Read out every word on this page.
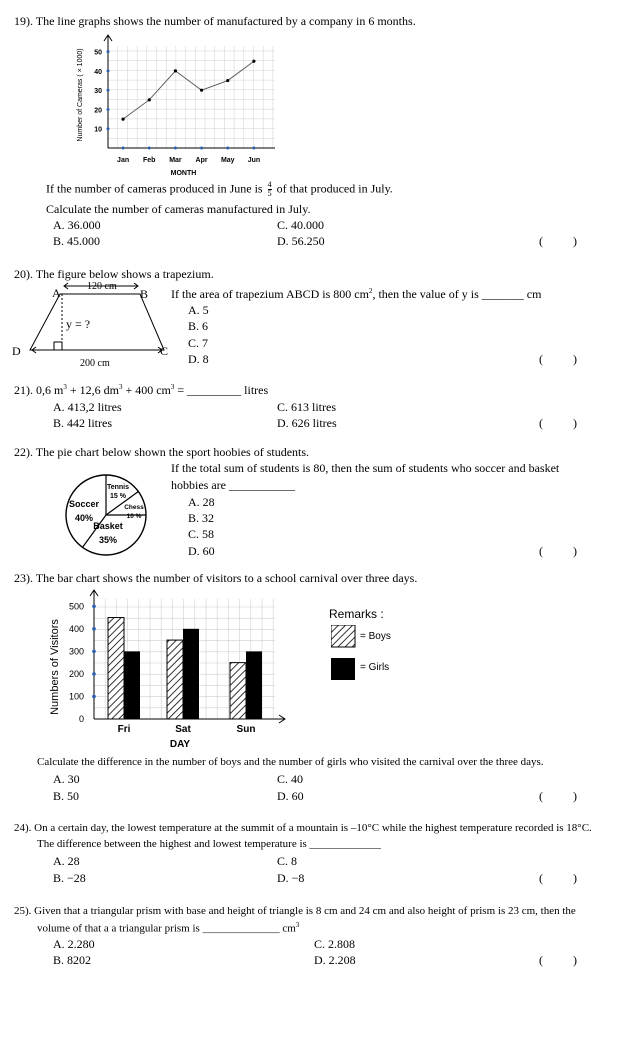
19). The line graphs shows the number of manufactured by a company in 6 months.
10
20
30
40
50
Jan Feb Mar Apr May Jun
MONTH
Number of Cameras ( × 1000)
If the number of cameras produced in June is $\frac{4}{5}$ of that produced in July.
Calculate the number of cameras manufactured in July.
A. 36.000
B. 45.000
C. 40.000
D. 56.250	(          )
20). The figure below shows a trapezium.
A	B
C
D
120 cm
200 cm
y = ?
If the area of trapezium ABCD is 800 $cm^2$, then the value of y is _______ cm
A. 5
B. 6
C. 7
D. 8	(          )
21). 0,6 $m^3 + 12,6$ $dm^3 + 400$ $cm^3$ = _________ litres
A. 413,2 litres
B. 442 litres
C. 613 litres
D. 626 litres	(          )
22). The pie chart below shown the sport hoobies of students.
Soccer
40%
Tennis
15 %
Chess
10 %
Basket
35%
If the total sum of students is 80, then the sum of students who soccer and basket
hobbies are ___________
A. 28
B. 32
C. 58
D. 60	(          )
23). The bar chart shows the number of visitors to a school carnival over three days.
0
100
200
300
400
500
Fri	Sat	Sun
DAY
Numbers of Visitors
Remarks :
= Boys
= Girls
Calculate the difference in the number of boys and the number of girls who visited the carnival over the three days.
A. 30
B. 50
C. 40
D. 60	(          )
24). On a certain day, the lowest temperature at the summit of a mountain is –10°C while the highest temperature recorded is 18°C.
The difference between the highest and lowest temperature is _____________
A. 28
B. −28
C. 8
D. −8	(          )
25). Given that a triangular prism with base and height of triangle is 8 cm and 24 cm and also height of prism is 23 cm, then the
volume of that a a triangular prism is ______________ $cm^3$
A. 2.280
B. 8202
C. 2.808
D. 2.208	(          )
